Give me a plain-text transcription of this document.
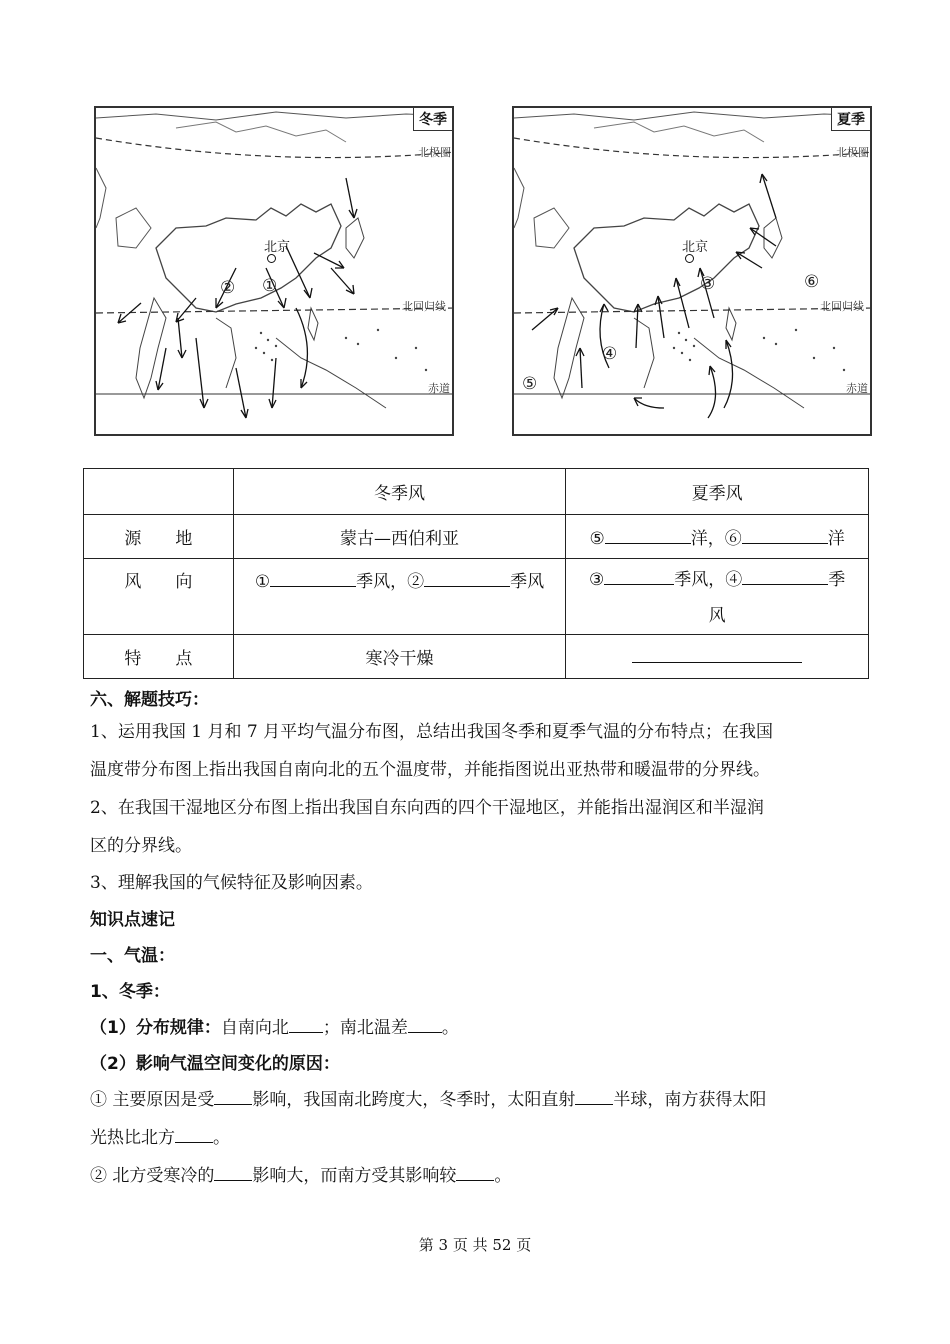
冬季
北极圈
北回归线
赤道
北京
② ①
夏季
北极圈
北回归线
赤道
北京
③
④
⑤
⑥
	冬季风	夏季风
源　　地	蒙古—西伯利亚	⑤ 洋，⑥ 洋
风　　向	① 季风，② 季风	③ 季风，④ 季
风
特　　点	寒冷干燥	
六、解题技巧：
1、运用我国 1 月和 7 月平均气温分布图，总结出我国冬季和夏季气温的分布特点；在我国
温度带分布图上指出我国自南向北的五个温度带，并能指图说出亚热带和暖温带的分界线。
2、在我国干湿地区分布图上指出我国自东向西的四个干湿地区，并能指出湿润区和半湿润
区的分界线。
3、理解我国的气候特征及影响因素。
知识点速记
一、气温：
1、冬季：
（1）分布规律：自南向北 ；南北温差 。
（2）影响气温空间变化的原因：
① 主要原因是受 影响，我国南北跨度大，冬季时，太阳直射 半球，南方获得太阳
光热比北方 。
② 北方受寒冷的 影响大，而南方受其影响较 。
第 3 页 共 52 页
